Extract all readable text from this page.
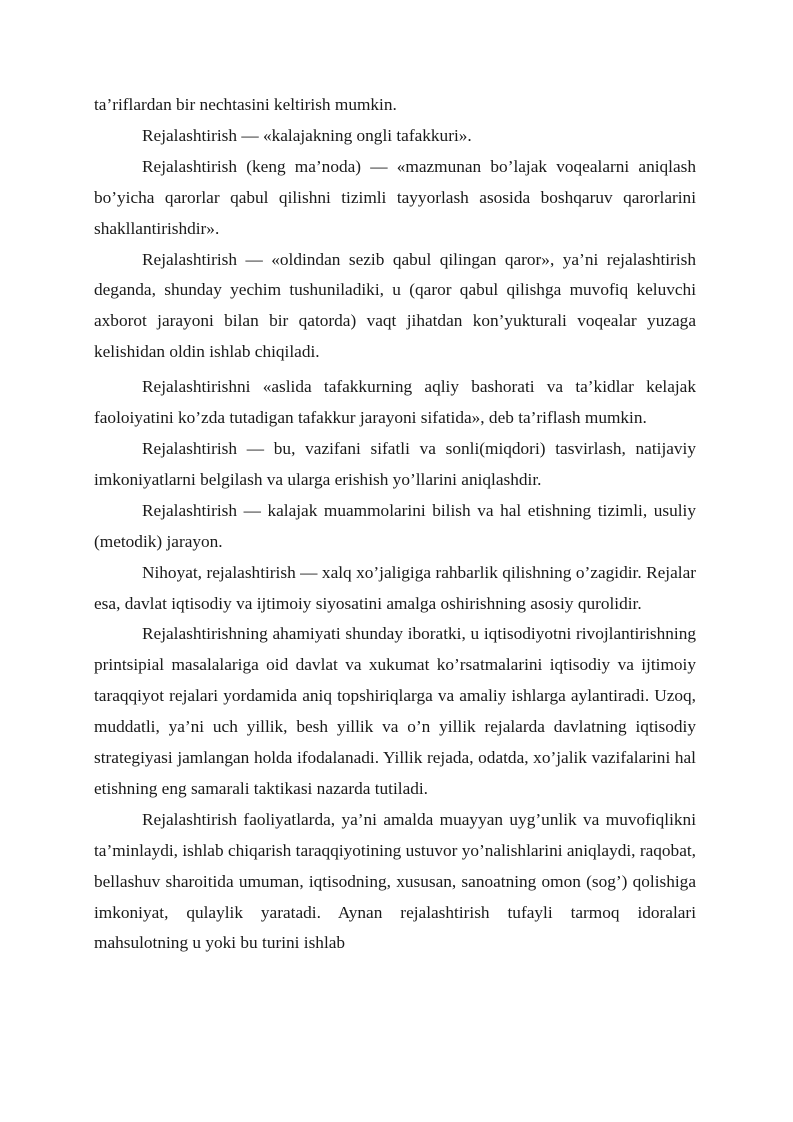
ta’riflardan bir nechtasini keltirish mumkin.

Rejalashtirish — «kalajakning ongli tafakkuri».

Rejalashtirish (keng ma’noda) — «mazmunan bo’lajak voqealarni aniqlash bo’yicha qarorlar qabul qilishni tizimli tayyorlash asosida boshqaruv qarorlarini shakllantirishdir».

Rejalashtirish — «oldindan sezib qabul qilingan qaror», ya’ni rejalashtirish deganda, shunday yechim tushuniladiki, u (qaror qabul qilishga muvofiq keluvchi axborot jarayoni bilan bir qatorda) vaqt jihatdan kon’yukturali voqealar yuzaga kelishidan oldin ishlab chiqiladi.

Rejalashtirishni «aslida tafakkurning aqliy bashorati va ta’kidlar kelajak faoloiyatini ko’zda tutadigan tafakkur jarayoni sifatida», deb ta’riflash mumkin.

Rejalashtirish — bu, vazifani sifatli va sonli(miqdori) tasvirlash, natijaviy imkoniyatlarni belgilash va ularga erishish yo’llarini aniqlashdir.

Rejalashtirish — kalajak muammolarini bilish va hal etishning tizimli, usuliy (metodik) jarayon.

Nihoyat, rejalashtirish — xalq xo’jaligiga rahbarlik qilishning o’zagidir. Rejalar esa, davlat iqtisodiy va ijtimoiy siyosatini amalga oshirishning asosiy qurolidir.

Rejalashtirishning ahamiyati shunday iboratki, u iqtisodiyotni rivojlantirishning printsipial masalalariga oid davlat va xukumat ko’rsatmalarini iqtisodiy va ijtimoiy taraqqiyot rejalari yordamida aniq topshiriqlarga va amaliy ishlarga aylantiradi. Uzoq, muddatli, ya’ni uch yillik, besh yillik va o’n yillik rejalarda davlatning iqtisodiy strategiyasi jamlangan holda ifodalanadi. Yillik rejada, odatda, xo’jalik vazifalarini hal etishning eng samarali taktikasi nazarda tutiladi.

Rejalashtirish faoliyatlarda, ya’ni amalda muayyan uyg’unlik va muvofiqlikni ta’minlaydi, ishlab chiqarish taraqqiyotining ustuvor yo’nalishlarini aniqlaydi, raqobat, bellashuv sharoitida umuman, iqtisodning, xususan, sanoatning omon (sog’) qolishiga imkoniyat, qulaylik yaratadi. Aynan rejalashtirish tufayli tarmoq idoralari mahsulotning u yoki bu turini ishlab
